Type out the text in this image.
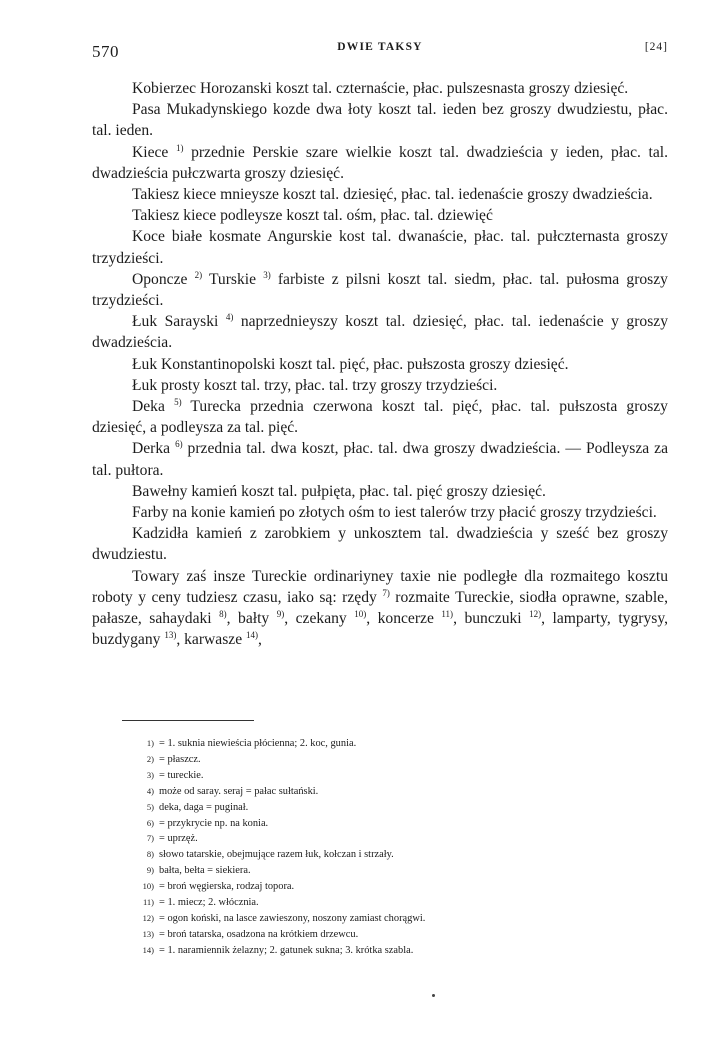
570	DWIE TAKSY	[24]

Kobierzec Horozanski koszt tal. czternaście, płac. pulszesnasta groszy dziesięć.

Pasa Mukadynskiego kozde dwa łoty koszt tal. ieden bez groszy dwudziestu, płac. tal. ieden.

Kiece $^{1)}$ przednie Perskie szare wielkie koszt tal. dwadzieścia y ieden, płac. tal. dwadzieścia pułczwarta groszy dziesięć.

Takiesz kiece mnieysze koszt tal. dziesięć, płac. tal. iedenaście groszy dwadzieścia.

Takiesz kiece podleysze koszt tal. ośm, płac. tal. dziewięć

Koce białe kosmate Angurskie kost tal. dwanaście, płac. tal. pułczternasta groszy trzydzieści.

Oponcze $^{2)}$ Turskie $^{3)}$ farbiste z pilsni koszt tal. siedm, płac. tal. pułosma groszy trzydzieści.

Łuk Sarayski $^{4)}$ naprzednieyszy koszt tal. dziesięć, płac. tal. iedenaście y groszy dwadzieścia.

Łuk Konstantinopolski koszt tal. pięć, płac. pułszosta groszy dziesięć.

Łuk prosty koszt tal. trzy, płac. tal. trzy groszy trzydzieści.

Deka $^{5)}$ Turecka przednia czerwona koszt tal. pięć, płac. tal. pułszosta groszy dziesięć, a podleysza za tal. pięć.

Derka $^{6)}$ przednia tal. dwa koszt, płac. tal. dwa groszy dwadzieścia. — Podleysza za tal. pułtora.

Bawełny kamień koszt tal. pułpięta, płac. tal. pięć groszy dziesięć.

Farby na konie kamień po złotych ośm to iest talerów trzy płacić groszy trzydzieści.

Kadzidła kamień z zarobkiem y unkosztem tal. dwadzieścia y sześć bez groszy dwudziestu.

Towary zaś insze Tureckie ordinariyney taxie nie podległe dla rozmaitego kosztu roboty y ceny tudziesz czasu, iako są: rzędy $^{7)}$ rozmaite Tureckie, siodła oprawne, szable, pałasze, sahaydaki $^{8)}$, bałty $^{9)}$, czekany $^{10)}$, koncerze $^{11)}$, bunczuki $^{12)}$, lamparty, tygrysy, buzdygany $^{13)}$, karwasze $^{14)}$,

1) = 1. suknia niewieścia płócienna; 2. koc, gunia.
2) = płaszcz.
3) = tureckie.
4) może od saray. seraj = pałac sułtański.
5) deka, daga = puginał.
6) = przykrycie np. na konia.
7) = uprzęż.
8) słowo tatarskie, obejmujące razem łuk, kołczan i strzały.
9) bałta, bełta = siekiera.
10) = broń węgierska, rodzaj topora.
11) = 1. miecz; 2. włócznia.
12) = ogon koński, na lasce zawieszony, noszony zamiast chorągwi.
13) = broń tatarska, osadzona na krótkiem drzewcu.
14) = 1. naramiennik żelazny; 2. gatunek sukna; 3. krótka szabla.
